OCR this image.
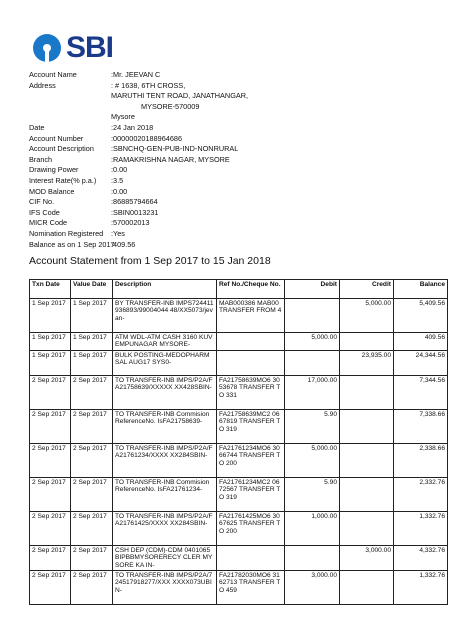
SBI
Account Name	:Mr. JEEVAN C
Address	: # 1638, 6TH CROSS,
MARUTHI TENT ROAD, JANATHANGAR,
MYSORE-570009
Mysore
Date	:24 Jan 2018
Account Number	:00000020188964686
Account Description	:SBNCHQ-GEN-PUB-IND-NONRURAL
Branch	:RAMAKRISHNA NAGAR, MYSORE
Drawing Power	:0.00
Interest Rate(% p.a.)	:3.5
MOD Balance	:0.00
CIF No.	:86885794664
IFS Code	:SBIN0013231
MICR Code	:570002013
Nomination Registered	:Yes
Balance as on 1 Sep 2017
:409.56
Account Statement from 1 Sep 2017 to 15 Jan 2018
Txn Date	Value Date	Description	Ref No./Cheque No.	Debit	Credit	Balance
1 Sep 2017	1 Sep 2017	BY TRANSFER-INB IMPS724411936893/99004044 48/XX5073/jevan-	MAB000386 MAB00 TRANSFER FROM 4		5,000.00	5,409.56
1 Sep 2017	1 Sep 2017	ATM WDL-ATM CASH 3160 KUVEMPUNAGAR MYSORE-		5,000.00		409.56
1 Sep 2017	1 Sep 2017	BULK POSTING-MEDOPHARM SAL AUG17 SYS0-			23,935.00	24,344.56
2 Sep 2017	2 Sep 2017	TO TRANSFER-INB IMPS/P2A/FA21758639/XXXXX XX428SBIN-	FA21758639MO6 3053678 TRANSFER TO 331	17,000.00		7,344.56
2 Sep 2017	2 Sep 2017	TO TRANSFER-INB Commision ReferenceNo. IsFA21758639-	FA21758639MC2 0667819 TRANSFER TO 319	5.90		7,338.66
2 Sep 2017	2 Sep 2017	TO TRANSFER-INB IMPS/P2A/FA21761234/XXXX XX284SBIN-	FA21761234MO6 3066744 TRANSFER TO 200	5,000.00		2,338.66
2 Sep 2017	2 Sep 2017	TO TRANSFER-INB Commision ReferenceNo. IsFA21761234-	FA21761234MC2 0672567 TRANSFER TO 319	5.90		2,332.76
2 Sep 2017	2 Sep 2017	TO TRANSFER-INB IMPS/P2A/FA21761425/XXXX XX284SBIN-	FA21761425MO6 3067625 TRANSFER TO 200	1,000.00		1,332.76
2 Sep 2017	2 Sep 2017	CSH DEP (CDM)-CDM 0401065BIPBBMYSORERECY CLER MYSORE KA IN-			3,000.00	4,332.76
2 Sep 2017	2 Sep 2017	TO TRANSFER-INB IMPS/P2A/724517918277/XXX XXXX073UBIN-	FA21782030MO6 3162713 TRANSFER TO 459	3,000.00		1,332.76
